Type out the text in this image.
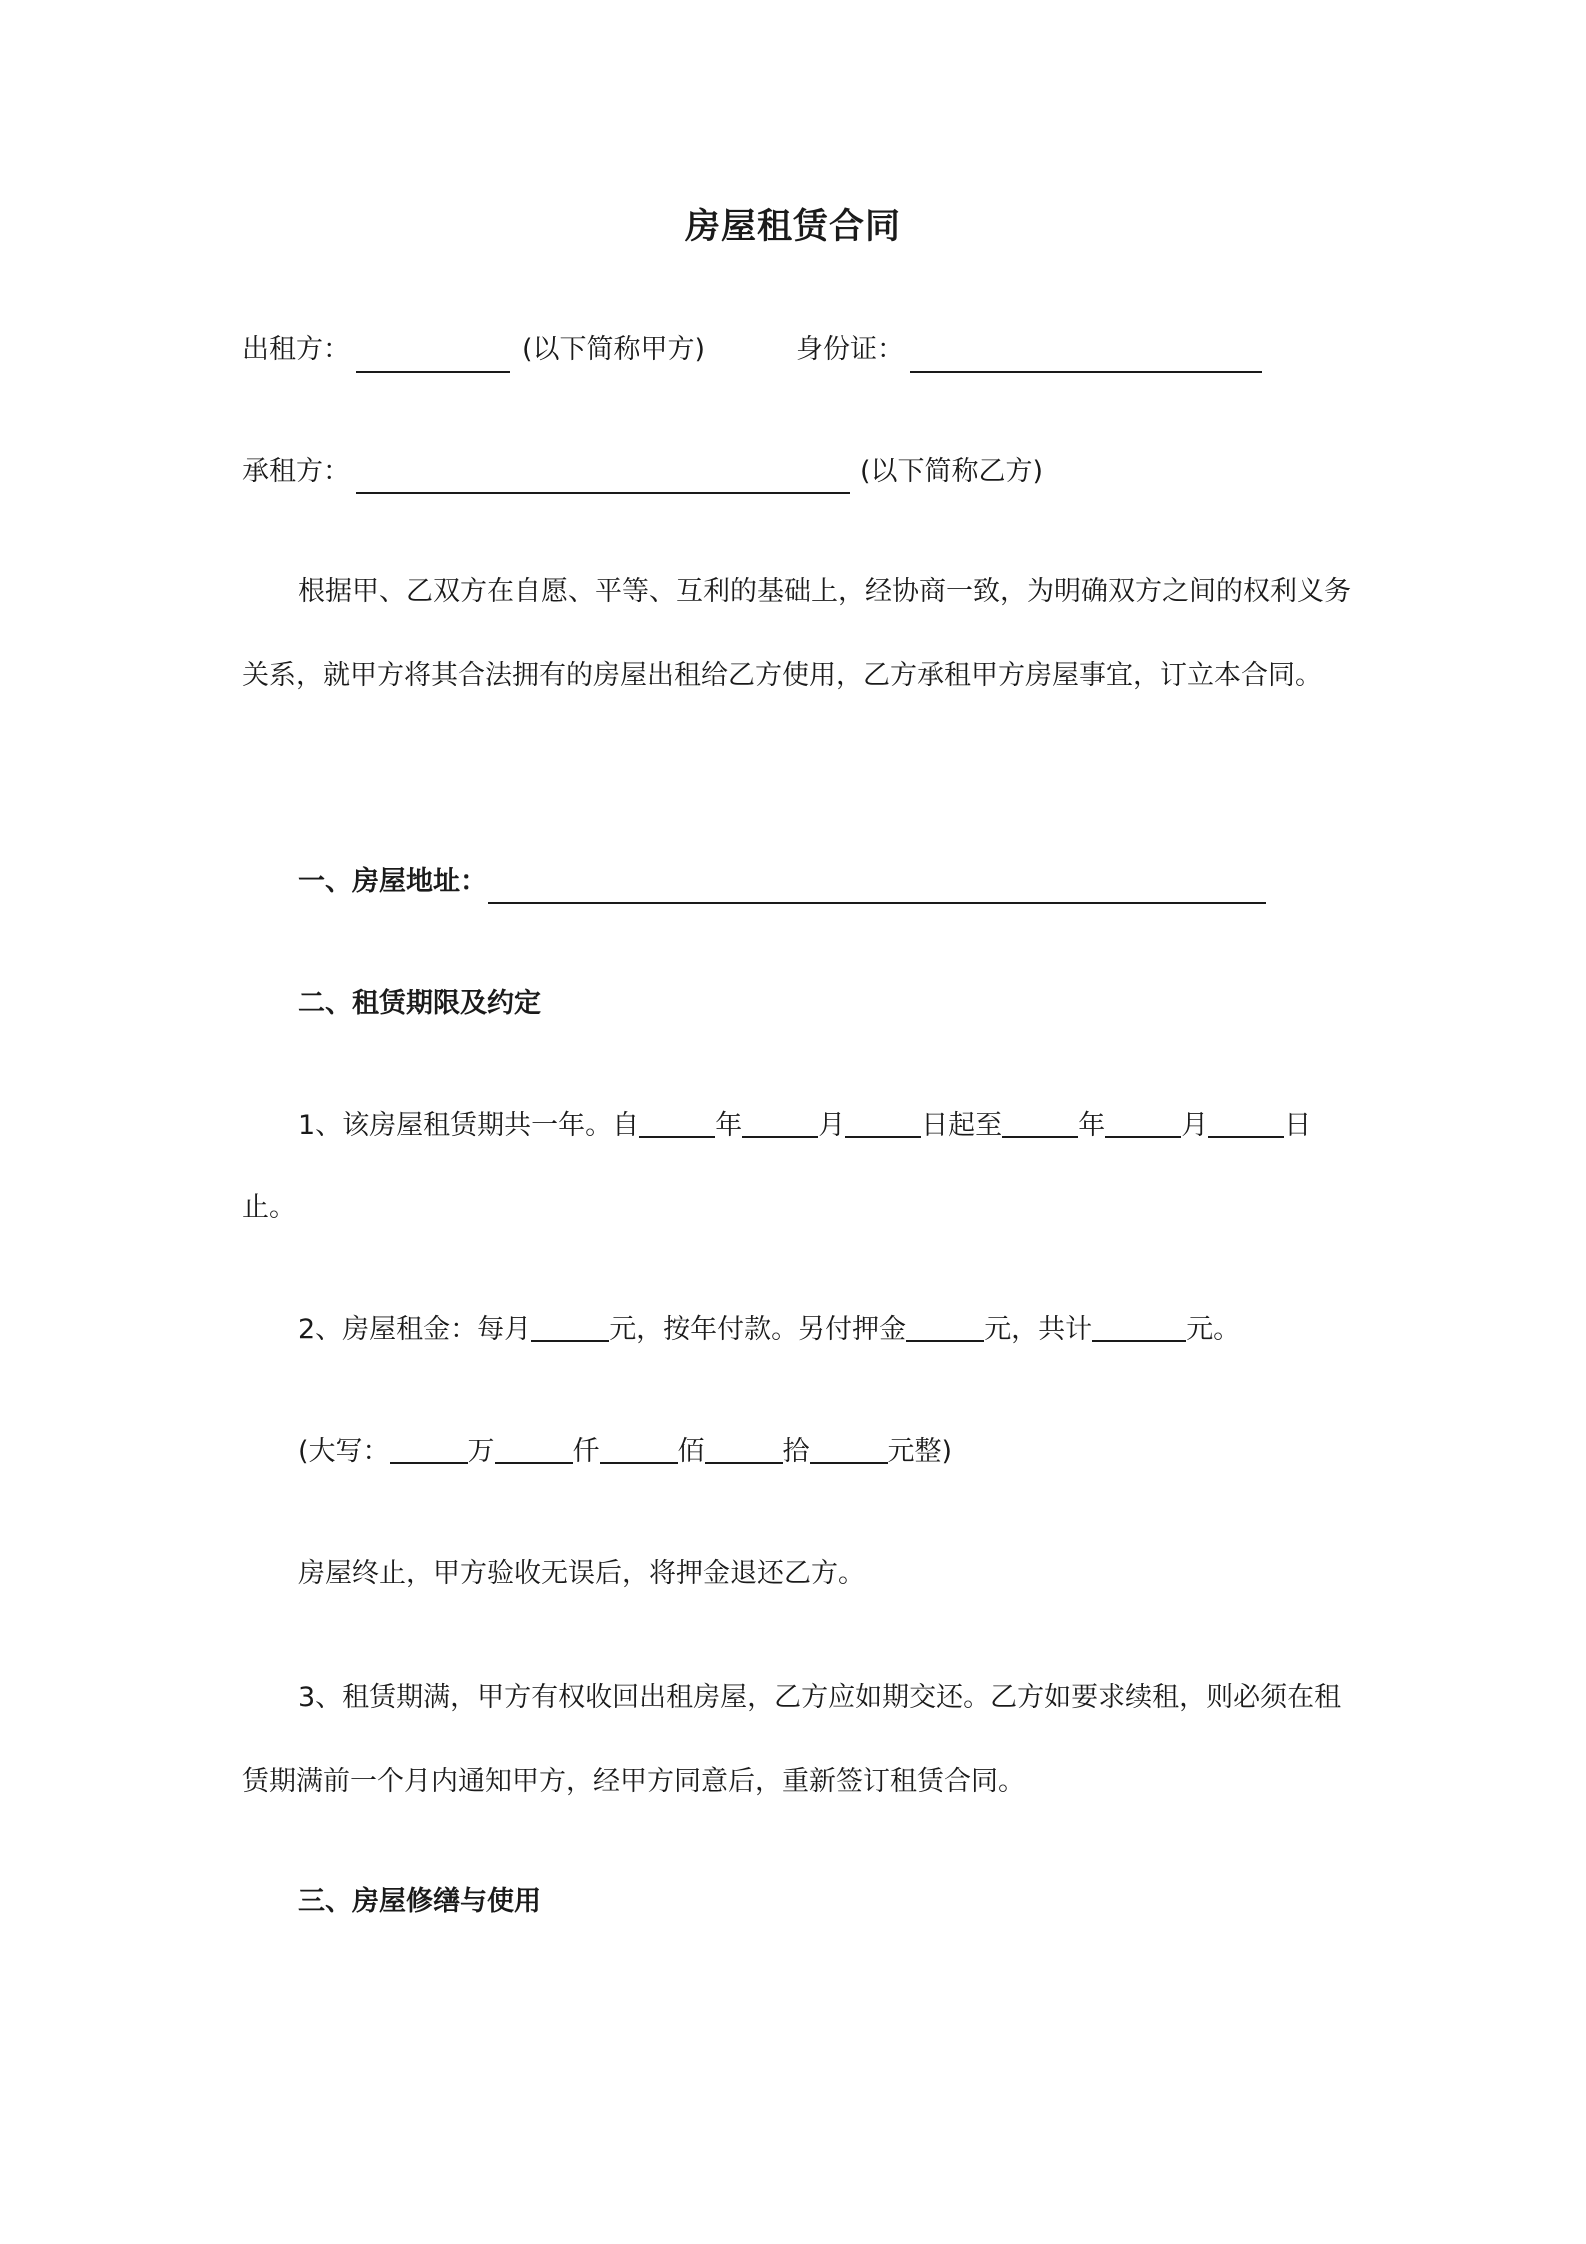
房屋租赁合同
出租方：	(以下简称甲方)	身份证：
承租方：	(以下简称乙方)
根据甲、乙双方在自愿、平等、互利的基础上，经协商一致，为明确双方之间的权利义务关系，就甲方将其合法拥有的房屋出租给乙方使用，乙方承租甲方房屋事宜，订立本合同。
一、房屋地址：
二、租赁期限及约定
1、该房屋租赁期共一年。自	年	月	日起至	年	月	日
止。
2、房屋租金：每月	元，按年付款。另付押金	元，共计	元。
(大写：	万	仟	佰	拾	元整)
房屋终止，甲方验收无误后，将押金退还乙方。
3、租赁期满，甲方有权收回出租房屋，乙方应如期交还。乙方如要求续租，则必须在租赁期满前一个月内通知甲方，经甲方同意后，重新签订租赁合同。
三、房屋修缮与使用
